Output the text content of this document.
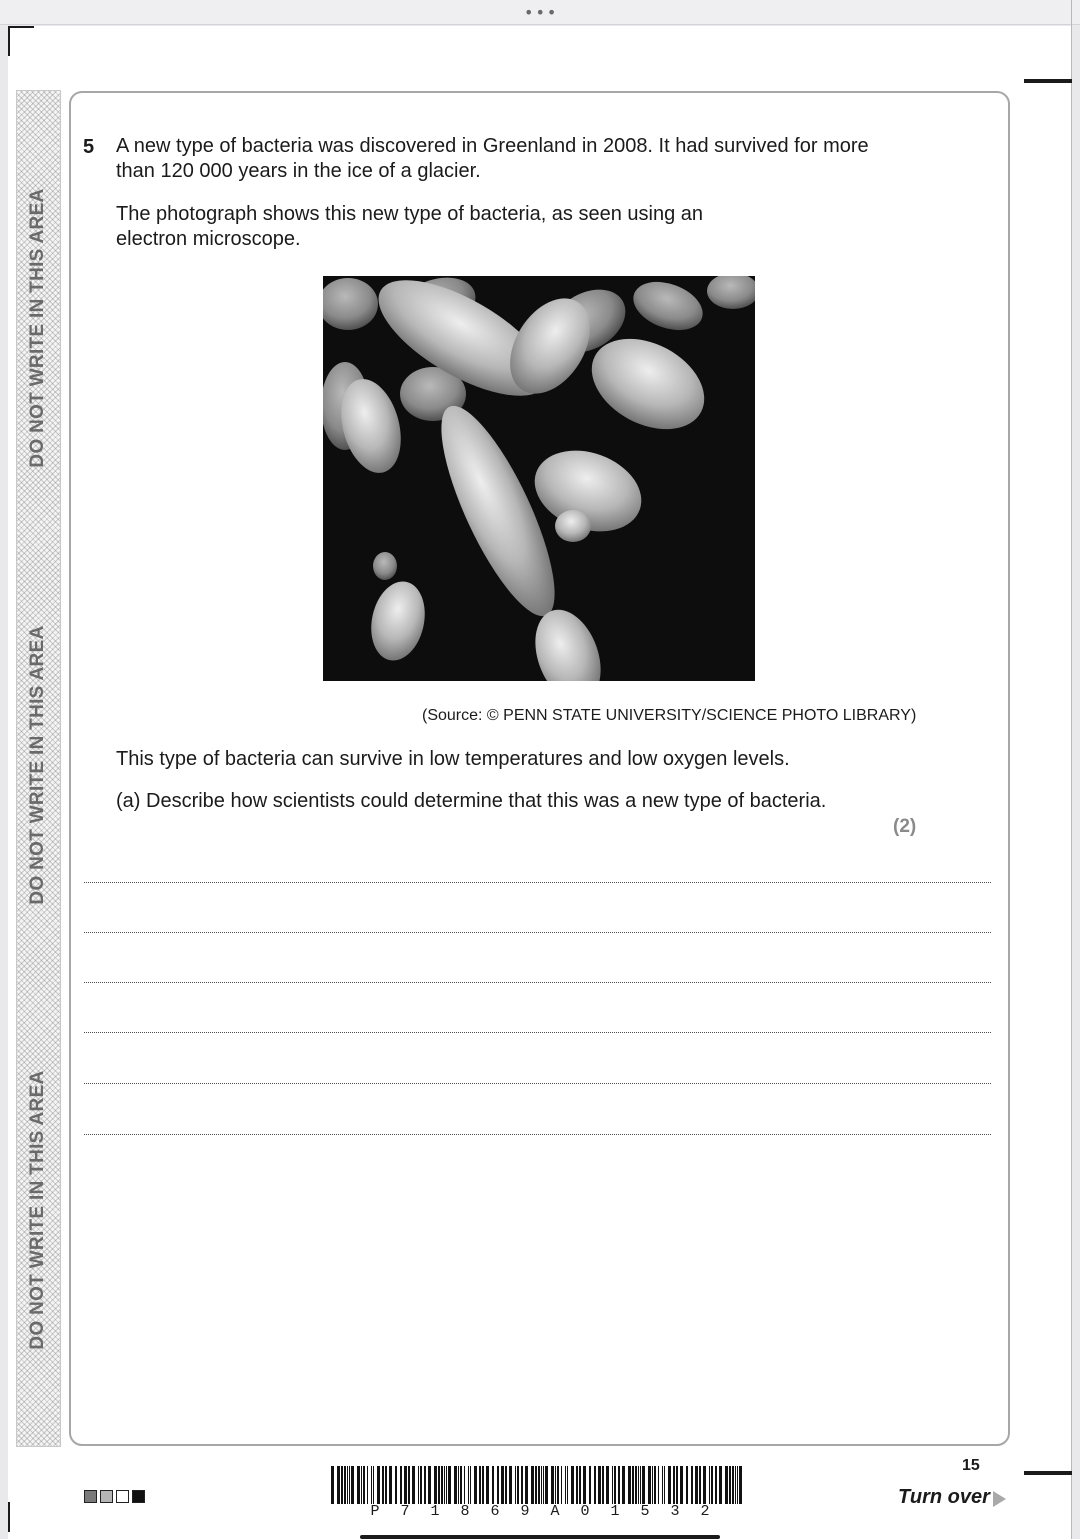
•••
DO NOT WRITE IN THIS AREA
DO NOT WRITE IN THIS AREA
DO NOT WRITE IN THIS AREA
5 A new type of bacteria was discovered in Greenland in 2008. It had survived for more
than 120 000 years in the ice of a glacier.
The photograph shows this new type of bacteria, as seen using an
electron microscope.
(Source: © PENN STATE UNIVERSITY/SCIENCE PHOTO LIBRARY)
This type of bacteria can survive in low temperatures and low oxygen levels.
(a) Describe how scientists could determine that this was a new type of bacteria.
(2)
P 7 1 8 6 9 A 0 1 5 3 2
15
Turn over
